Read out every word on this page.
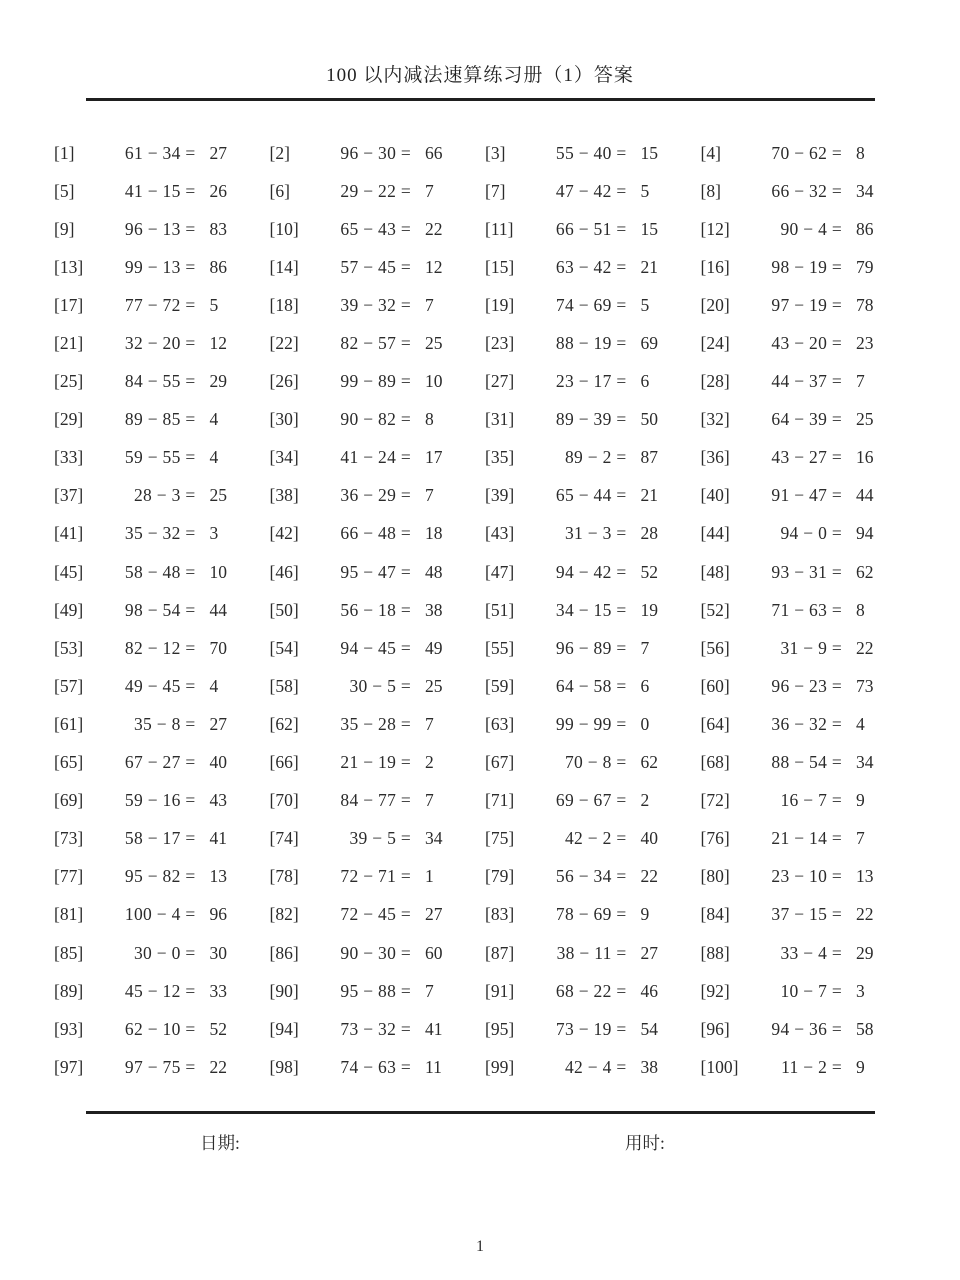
100 以内减法速算练习册（1）答案
[1]	61 − 34 = 27	[2]	96 − 30 = 66	[3]	55 − 40 = 15	[4]	70 − 62 = 8
[5]	41 − 15 = 26	[6]	29 − 22 = 7	[7]	47 − 42 = 5	[8]	66 − 32 = 34
[9]	96 − 13 = 83	[10]	65 − 43 = 22	[11]	66 − 51 = 15	[12]	90 − 4 = 86
[13]	99 − 13 = 86	[14]	57 − 45 = 12	[15]	63 − 42 = 21	[16]	98 − 19 = 79
[17]	77 − 72 = 5	[18]	39 − 32 = 7	[19]	74 − 69 = 5	[20]	97 − 19 = 78
[21]	32 − 20 = 12	[22]	82 − 57 = 25	[23]	88 − 19 = 69	[24]	43 − 20 = 23
[25]	84 − 55 = 29	[26]	99 − 89 = 10	[27]	23 − 17 = 6	[28]	44 − 37 = 7
[29]	89 − 85 = 4	[30]	90 − 82 = 8	[31]	89 − 39 = 50	[32]	64 − 39 = 25
[33]	59 − 55 = 4	[34]	41 − 24 = 17	[35]	89 − 2 = 87	[36]	43 − 27 = 16
[37]	28 − 3 = 25	[38]	36 − 29 = 7	[39]	65 − 44 = 21	[40]	91 − 47 = 44
[41]	35 − 32 = 3	[42]	66 − 48 = 18	[43]	31 − 3 = 28	[44]	94 − 0 = 94
[45]	58 − 48 = 10	[46]	95 − 47 = 48	[47]	94 − 42 = 52	[48]	93 − 31 = 62
[49]	98 − 54 = 44	[50]	56 − 18 = 38	[51]	34 − 15 = 19	[52]	71 − 63 = 8
[53]	82 − 12 = 70	[54]	94 − 45 = 49	[55]	96 − 89 = 7	[56]	31 − 9 = 22
[57]	49 − 45 = 4	[58]	30 − 5 = 25	[59]	64 − 58 = 6	[60]	96 − 23 = 73
[61]	35 − 8 = 27	[62]	35 − 28 = 7	[63]	99 − 99 = 0	[64]	36 − 32 = 4
[65]	67 − 27 = 40	[66]	21 − 19 = 2	[67]	70 − 8 = 62	[68]	88 − 54 = 34
[69]	59 − 16 = 43	[70]	84 − 77 = 7	[71]	69 − 67 = 2	[72]	16 − 7 = 9
[73]	58 − 17 = 41	[74]	39 − 5 = 34	[75]	42 − 2 = 40	[76]	21 − 14 = 7
[77]	95 − 82 = 13	[78]	72 − 71 = 1	[79]	56 − 34 = 22	[80]	23 − 10 = 13
[81]	100 − 4 = 96	[82]	72 − 45 = 27	[83]	78 − 69 = 9	[84]	37 − 15 = 22
[85]	30 − 0 = 30	[86]	90 − 30 = 60	[87]	38 − 11 = 27	[88]	33 − 4 = 29
[89]	45 − 12 = 33	[90]	95 − 88 = 7	[91]	68 − 22 = 46	[92]	10 − 7 = 3
[93]	62 − 10 = 52	[94]	73 − 32 = 41	[95]	73 − 19 = 54	[96]	94 − 36 = 58
[97]	97 − 75 = 22	[98]	74 − 63 = 11	[99]	42 − 4 = 38	[100]	11 − 2 = 9
日期:	用时:
1
